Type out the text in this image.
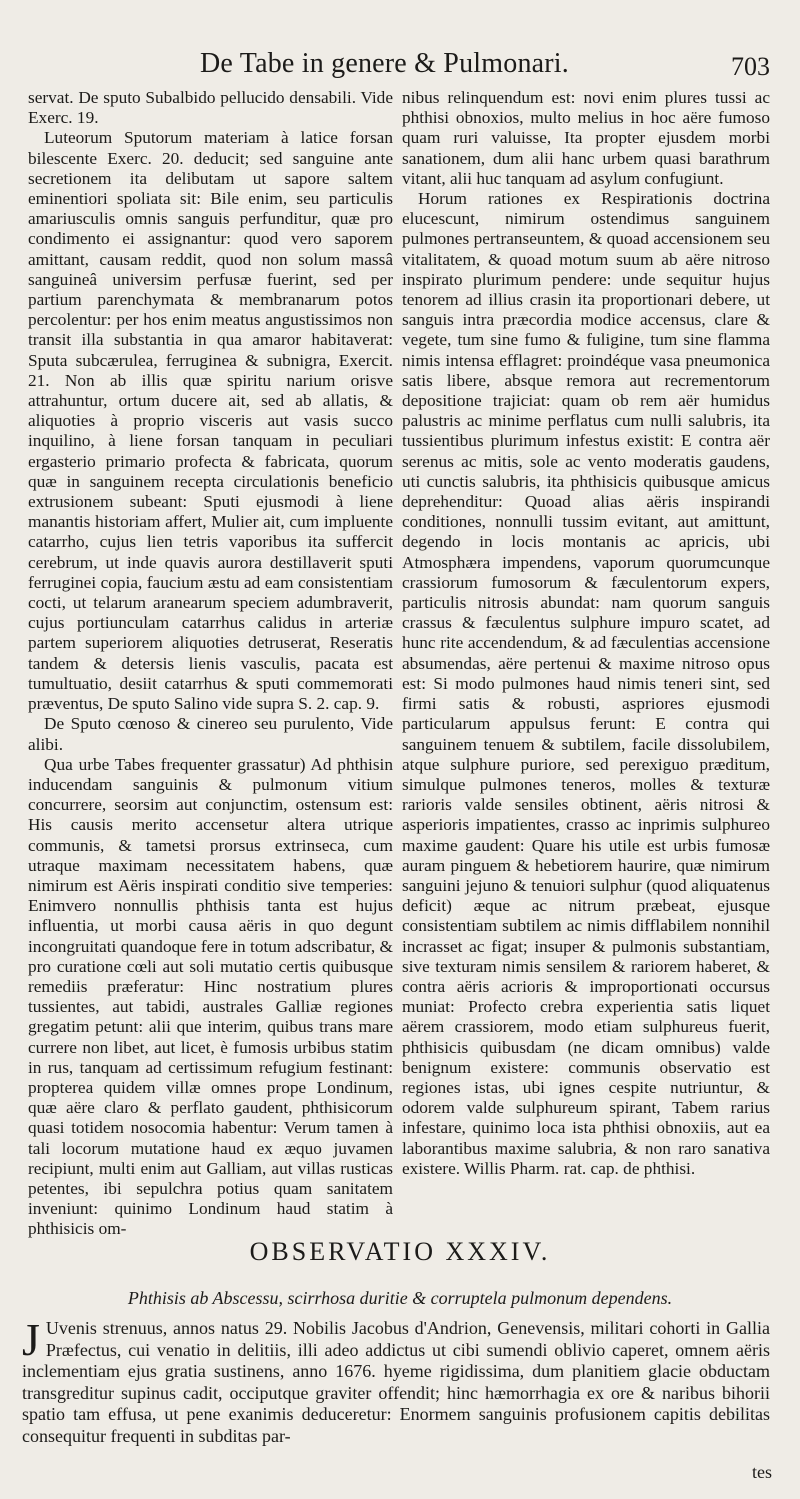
De Tabe in genere & Pulmonari.	703

servat. De sputo Subalbido pellucido densabili. Vide Exerc. 19.

Luteorum Sputorum materiam à latice forsan bilescente Exerc. 20. deducit; sed sanguine ante secretionem ita delibutam ut sapore saltem eminentiori spoliata sit: Bile enim, seu particulis amariusculis omnis sanguis perfunditur, quæ pro condimento ei assignantur: quod vero saporem amittant, causam reddit, quod non solum massâ sanguineâ universim perfusæ fuerint, sed per partium parenchymata & membranarum potos percolentur: per hos enim meatus angustissimos non transit illa substantia in qua amaror habitaverat: Sputa subcærulea, ferruginea & subnigra, Exercit. 21. Non ab illis quæ spiritu narium orisve attrahuntur, ortum ducere ait, sed ab allatis, & aliquoties à proprio visceris aut vasis succo inquilino, à liene forsan tanquam in peculiari ergasterio primario profecta & fabricata, quorum quæ in sanguinem recepta circulationis beneficio extrusionem subeant: Sputi ejusmodi à liene manantis historiam affert, Mulier ait, cum impluente catarrho, cujus lien tetris vaporibus ita suffercit cerebrum, ut inde quavis aurora destillaverit sputi ferruginei copia, faucium æstu ad eam consistentiam cocti, ut telarum aranearum speciem adumbraverit, cujus portiunculam catarrhus calidus in arteriæ partem superiorem aliquoties detruserat, Reseratis tandem & detersis lienis vasculis, pacata est tumultuatio, desiit catarrhus & sputi commemorati præventus, De sputo Salino vide supra S. 2. cap. 9.

De Sputo cœnoso & cinereo seu purulento, Vide alibi.

Qua urbe Tabes frequenter grassatur) Ad phthisin inducendam sanguinis & pulmonum vitium concurrere, seorsim aut conjunctim, ostensum est: His causis merito accensetur altera utrique communis, & tametsi prorsus extrinseca, cum utraque maximam necessitatem habens, quæ nimirum est Aëris inspirati conditio sive temperies: Enimvero nonnullis phthisis tanta est hujus influentia, ut morbi causa aëris in quo degunt incongruitati quandoque fere in totum adscribatur, & pro curatione cœli aut soli mutatio certis quibusque remediis præferatur: Hinc nostratium plures tussientes, aut tabidi, australes Galliæ regiones gregatim petunt: alii que interim, quibus trans mare currere non libet, aut licet, è fumosis urbibus statim in rus, tanquam ad certissimum refugium festinant: propterea quidem villæ omnes prope Londinum, quæ aëre claro & perflato gaudent, phthisicorum quasi totidem nosocomia habentur: Verum tamen à tali locorum mutatione haud ex æquo juvamen recipiunt, multi enim aut Galliam, aut villas rusticas petentes, ibi sepulchra potius quam sanitatem inveniunt: quinimo Londinum haud statim à phthisicis om-

nibus relinquendum est: novi enim plures tussi ac phthisi obnoxios, multo melius in hoc aëre fumoso quam ruri valuisse, Ita propter ejusdem morbi sanationem, dum alii hanc urbem quasi barathrum vitant, alii huc tanquam ad asylum confugiunt.

Horum rationes ex Respirationis doctrina elucescunt, nimirum ostendimus sanguinem pulmones pertranseuntem, & quoad accensionem seu vitalitatem, & quoad motum suum ab aëre nitroso inspirato plurimum pendere: unde sequitur hujus tenorem ad illius crasin ita proportionari debere, ut sanguis intra præcordia modice accensus, clare & vegete, tum sine fumo & fuligine, tum sine flamma nimis intensa efflagret: proindéque vasa pneumonica satis libere, absque remora aut recrementorum depositione trajiciat: quam ob rem aër humidus palustris ac minime perflatus cum nulli salubris, ita tussientibus plurimum infestus existit: E contra aër serenus ac mitis, sole ac vento moderatis gaudens, uti cunctis salubris, ita phthisicis quibusque amicus deprehenditur: Quoad alias aëris inspirandi conditiones, nonnulli tussim evitant, aut amittunt, degendo in locis montanis ac apricis, ubi Atmosphæra impendens, vaporum quorumcunque crassiorum fumosorum & fæculentorum expers, particulis nitrosis abundat: nam quorum sanguis crassus & fæculentus sulphure impuro scatet, ad hunc rite accendendum, & ad fæculentias accensione absumendas, aëre pertenui & maxime nitroso opus est: Si modo pulmones haud nimis teneri sint, sed firmi satis & robusti, aspriores ejusmodi particularum appulsus ferunt: E contra qui sanguinem tenuem & subtilem, facile dissolubilem, atque sulphure puriore, sed perexiguo præditum, simulque pulmones teneros, molles & texturæ rarioris valde sensiles obtinent, aëris nitrosi & asperioris impatientes, crasso ac inprimis sulphureo maxime gaudent: Quare his utile est urbis fumosæ auram pinguem & hebetiorem haurire, quæ nimirum sanguini jejuno & tenuiori sulphur (quod aliquatenus deficit) æque ac nitrum præbeat, ejusque consistentiam subtilem ac nimis difflabilem nonnihil incrasset ac figat; insuper & pulmonis substantiam, sive texturam nimis sensilem & rariorem haberet, & contra aëris acrioris & improportionati occursus muniat: Profecto crebra experientia satis liquet aërem crassiorem, modo etiam sulphureus fuerit, phthisicis quibusdam (ne dicam omnibus) valde benignum existere: communis observatio est regiones istas, ubi ignes cespite nutriuntur, & odorem valde sulphureum spirant, Tabem rarius infestare, quinimo loca ista phthisi obnoxiis, aut ea laborantibus maxime salubria, & non raro sanativa existere. Willis Pharm. rat. cap. de phthisi.

OBSERVATIO XXXIV.
Phthisis ab Abscessu, scirrhosa duritie & corruptela pulmonum dependens.
J Uvenis strenuus, annos natus 29. Nobilis Jacobus d'Andrion, Genevensis, militari cohorti in Gallia Præfectus, cui venatio in delitiis, illi adeo addictus ut cibi sumendi oblivio caperet, omnem aëris inclementiam ejus gratia sustinens, anno 1676. hyeme rigidissima, dum planitiem glacie obductam transgreditur supinus cadit, occiputque graviter offendit; hinc hæmorrhagia ex ore & naribus bihorii spatio tam effusa, ut pene exanimis deduceretur: Enormem sanguinis profusionem capitis debilitas consequitur frequenti in subditas par-
tes
